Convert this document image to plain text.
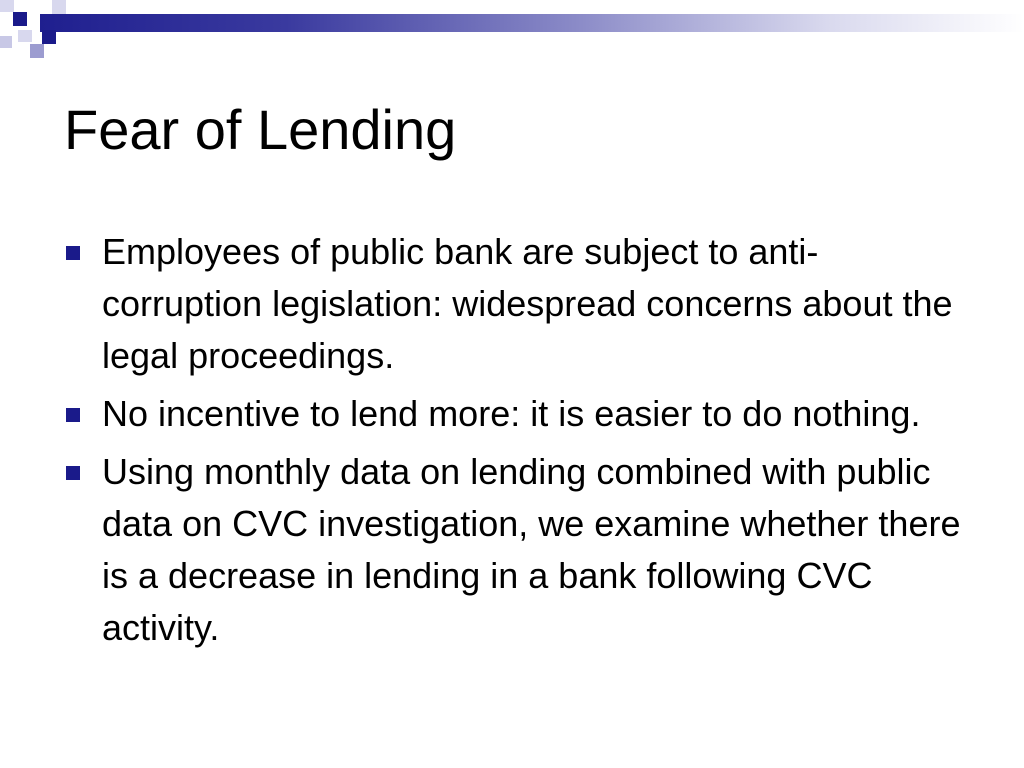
Fear of Lending
Employees of public bank are subject to anti-corruption legislation: widespread concerns about the legal proceedings.
No incentive to lend more: it is easier to do nothing.
Using monthly data on lending combined with public data on CVC investigation, we examine whether there is a decrease in lending in a bank following CVC activity.
